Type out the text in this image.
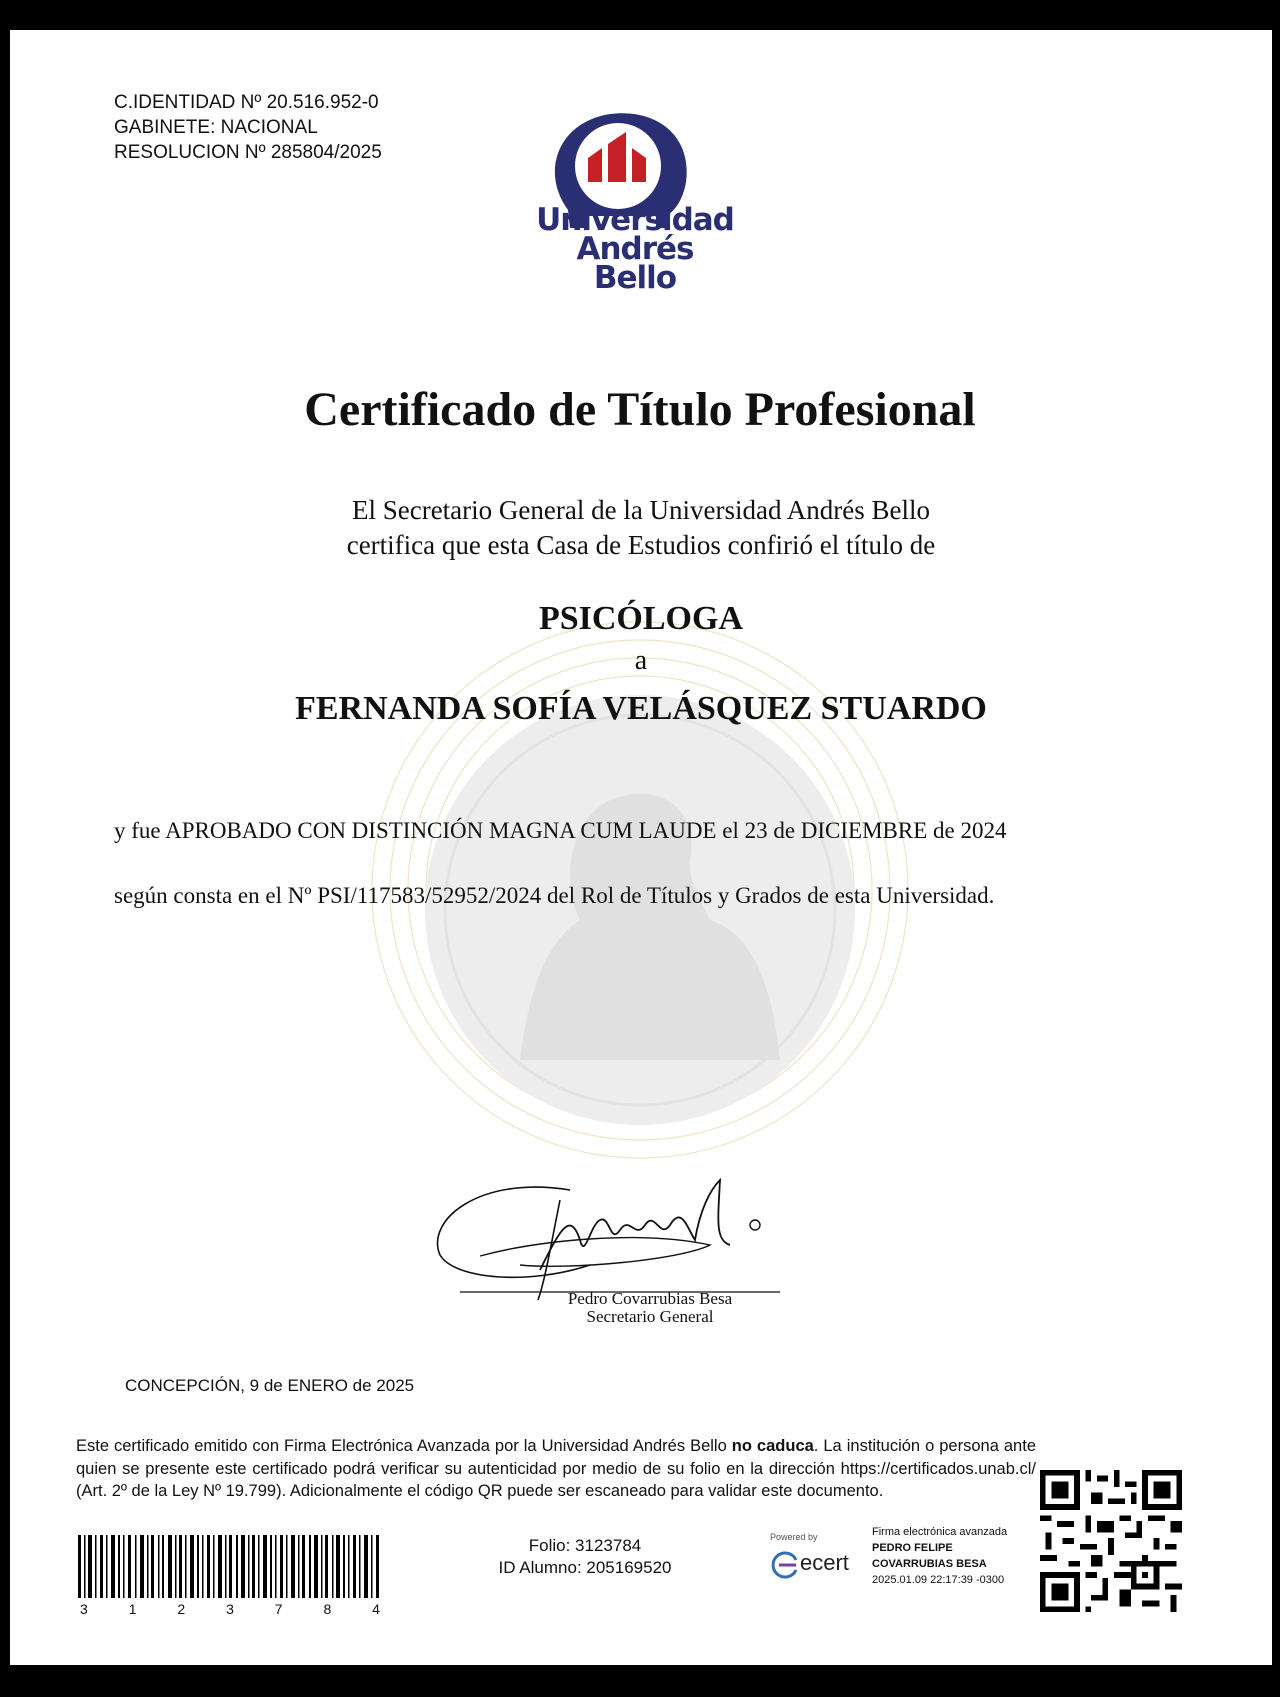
C.IDENTIDAD Nº 20.516.952-0
GABINETE: NACIONAL
RESOLUCION Nº 285804/2025
Universidad
Andrés Bello
Certificado de Título Profesional
El Secretario General de la Universidad Andrés Bello
certifica que esta Casa de Estudios confirió el título de
PSICÓLOGA
a
FERNANDA SOFÍA VELÁSQUEZ STUARDO
y fue APROBADO CON DISTINCIÓN MAGNA CUM LAUDE el 23 de DICIEMBRE de 2024
según consta en el Nº PSI/117583/52952/2024 del Rol de Títulos y Grados de esta Universidad.
Pedro Covarrubias Besa
Secretario General
CONCEPCIÓN, 9 de ENERO de 2025
Este certificado emitido con Firma Electrónica Avanzada por la Universidad Andrés Bello no caduca. La institución o persona ante quien se presente este certificado podrá verificar su autenticidad por medio de su folio en la dirección https://certificados.unab.cl/ (Art. 2º de la Ley Nº 19.799). Adicionalmente el código QR puede ser escaneado para validar este documento.
3	1	2	3	7	8	4
Folio: 3123784
ID Alumno: 205169520
Powered by
ecert
Firma electrónica avanzada
PEDRO FELIPE
COVARRUBIAS BESA
2025.01.09 22:17:39 -0300
